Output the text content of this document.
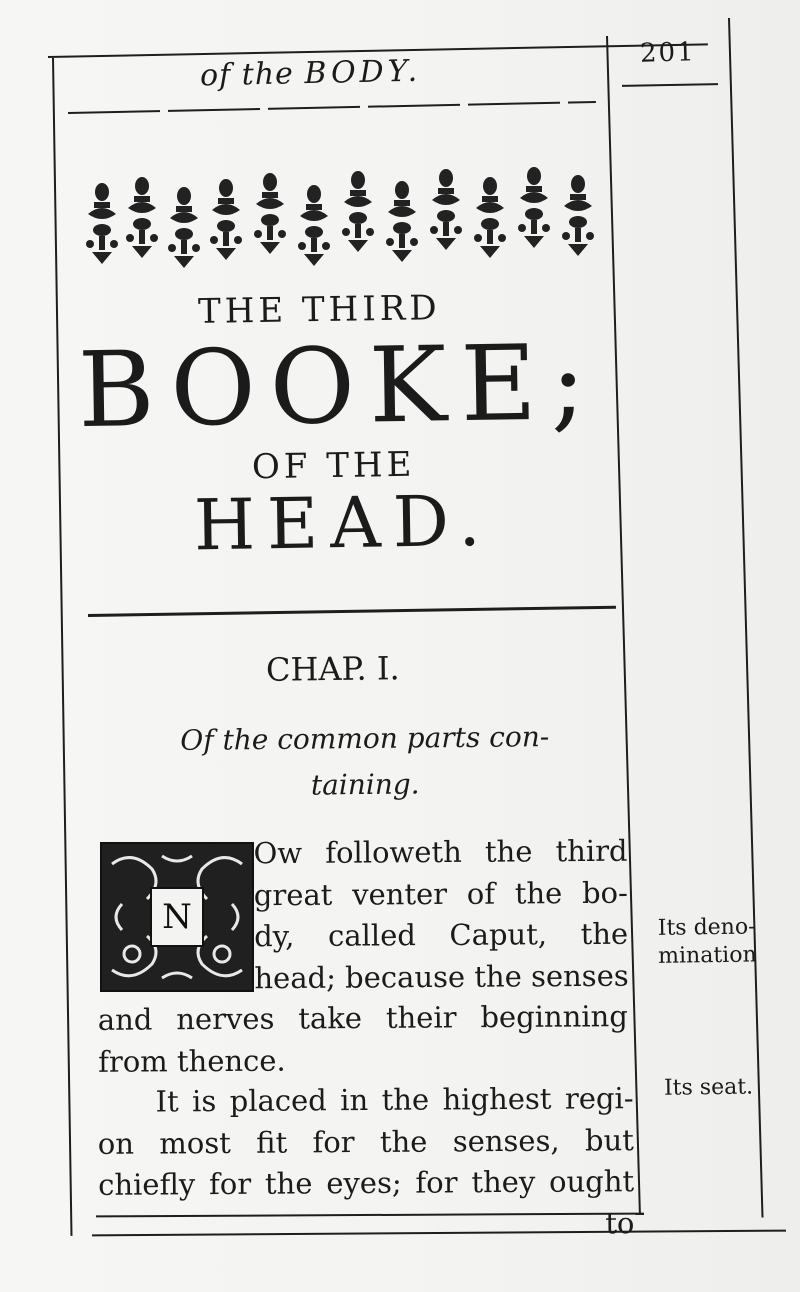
of the BODY.
201
THE THIRD
BOOKE;
OF THE
HEAD.
CHAP. I.
Of the common parts con-
taining.
N
Ow followeth the third
great venter of the bo-
dy, called Caput, the
head; because the senses
and nerves take their beginning
from thence.
It is placed in the highest regi-
on most fit for the senses, but
chiefly for the eyes; for they ought
to
Its deno-
mination
Its seat.
